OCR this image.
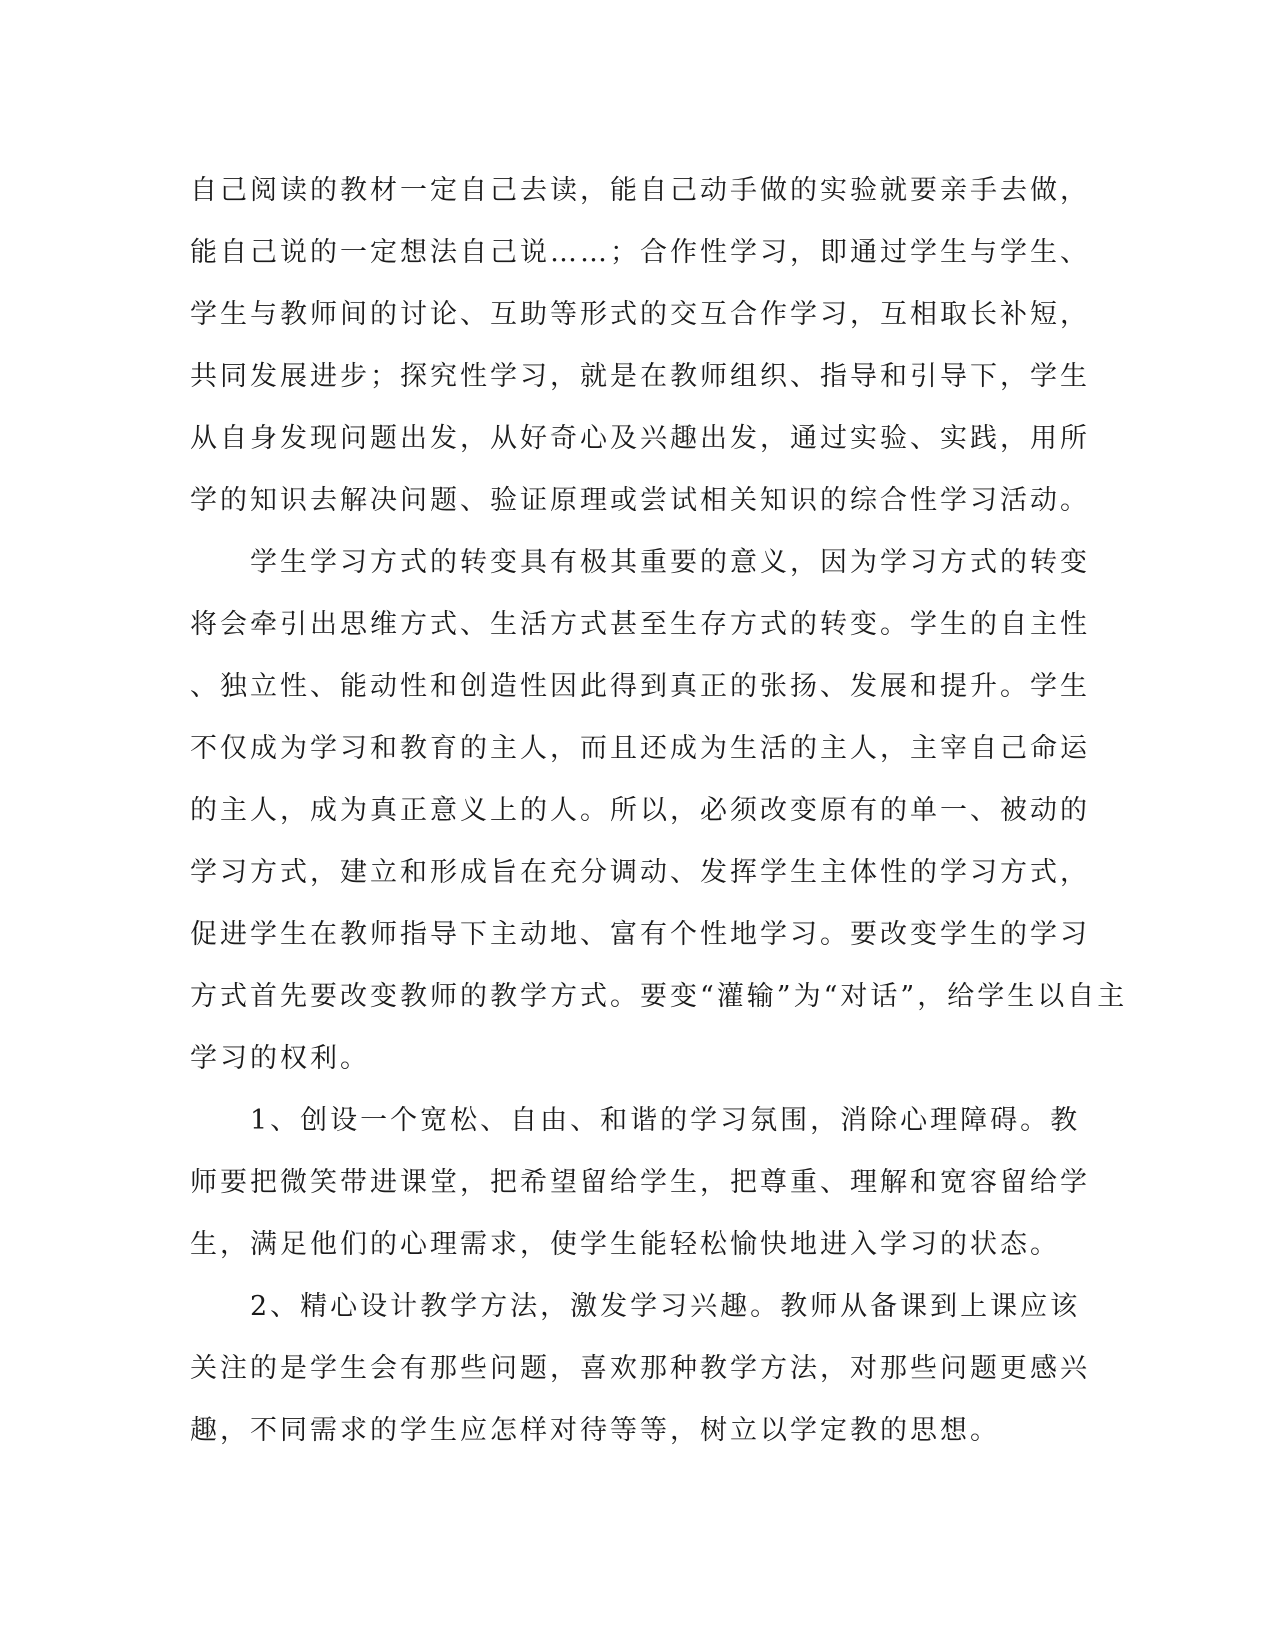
自己阅读的教材一定自己去读，能自己动手做的实验就要亲手去做，
能自己说的一定想法自己说……；合作性学习，即通过学生与学生、
学生与教师间的讨论、互助等形式的交互合作学习，互相取长补短，
共同发展进步；探究性学习，就是在教师组织、指导和引导下，学生
从自身发现问题出发，从好奇心及兴趣出发，通过实验、实践，用所
学的知识去解决问题、验证原理或尝试相关知识的综合性学习活动。
　　学生学习方式的转变具有极其重要的意义，因为学习方式的转变
将会牵引出思维方式、生活方式甚至生存方式的转变。学生的自主性
、独立性、能动性和创造性因此得到真正的张扬、发展和提升。学生
不仅成为学习和教育的主人，而且还成为生活的主人，主宰自己命运
的主人，成为真正意义上的人。所以，必须改变原有的单一、被动的
学习方式，建立和形成旨在充分调动、发挥学生主体性的学习方式，
促进学生在教师指导下主动地、富有个性地学习。要改变学生的学习
方式首先要改变教师的教学方式。要变“灌输”为“对话”，给学生以自主
学习的权利。
　　1、创设一个宽松、自由、和谐的学习氛围，消除心理障碍。教
师要把微笑带进课堂，把希望留给学生，把尊重、理解和宽容留给学
生，满足他们的心理需求，使学生能轻松愉快地进入学习的状态。
　　2、精心设计教学方法，激发学习兴趣。教师从备课到上课应该
关注的是学生会有那些问题，喜欢那种教学方法，对那些问题更感兴
趣，不同需求的学生应怎样对待等等，树立以学定教的思想。
